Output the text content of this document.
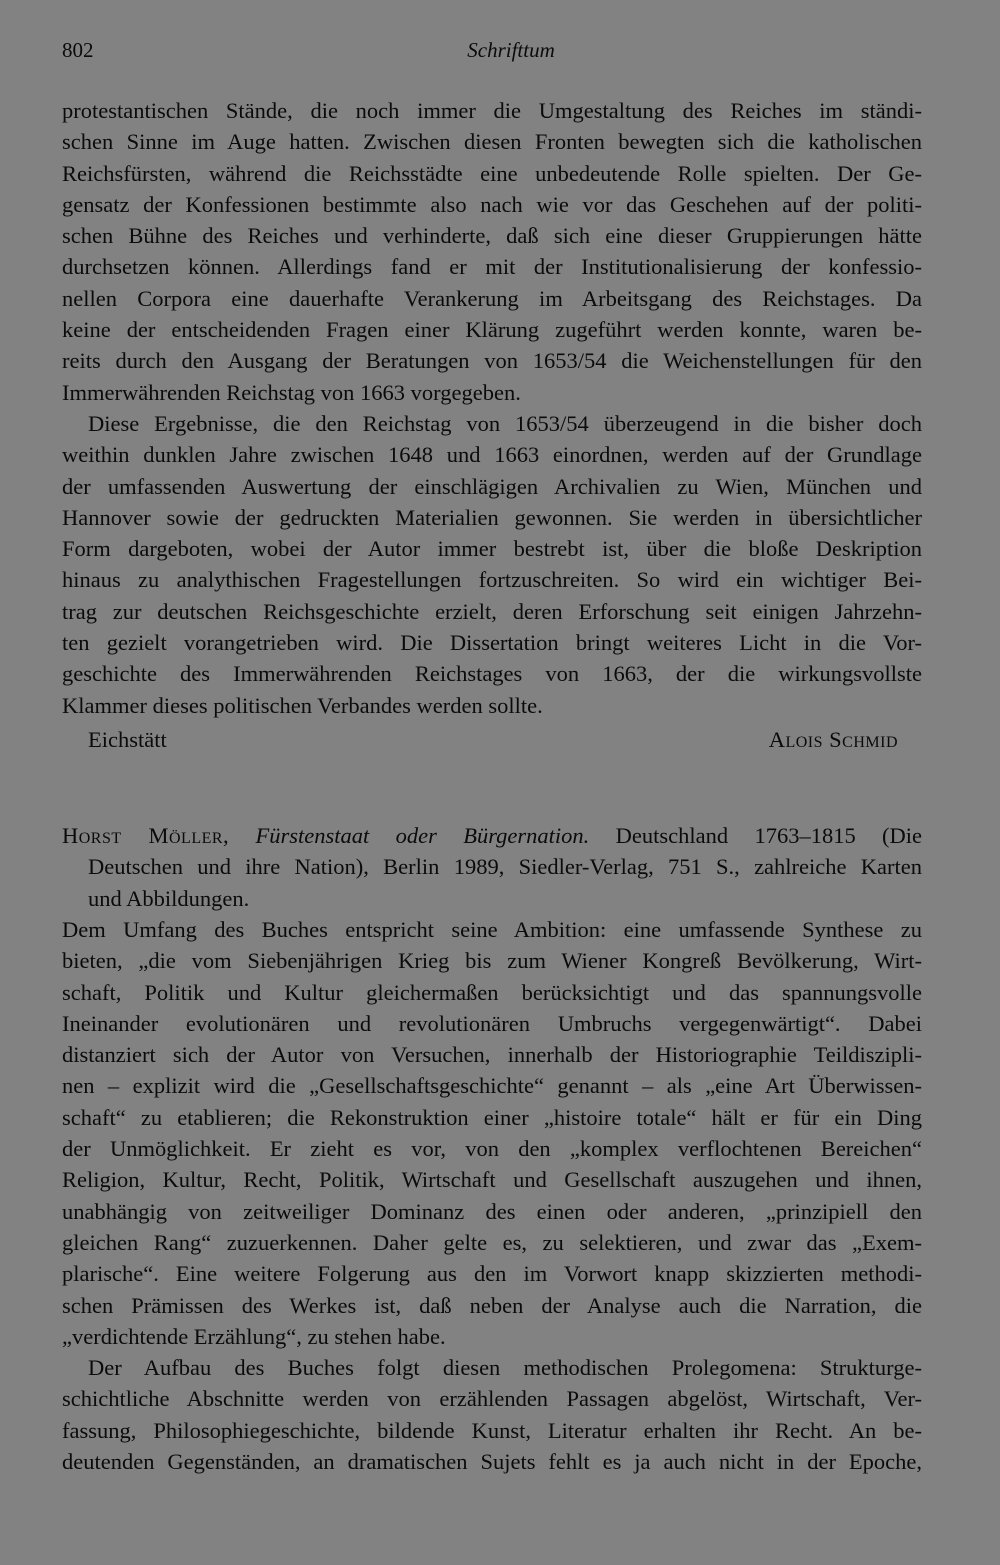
802	Schrifttum
protestantischen Stände, die noch immer die Umgestaltung des Reiches im ständi-
schen Sinne im Auge hatten. Zwischen diesen Fronten bewegten sich die katholischen
Reichsfürsten, während die Reichsstädte eine unbedeutende Rolle spielten. Der Ge-
gensatz der Konfessionen bestimmte also nach wie vor das Geschehen auf der politi-
schen Bühne des Reiches und verhinderte, daß sich eine dieser Gruppierungen hätte
durchsetzen können. Allerdings fand er mit der Institutionalisierung der konfessio-
nellen Corpora eine dauerhafte Verankerung im Arbeitsgang des Reichstages. Da
keine der entscheidenden Fragen einer Klärung zugeführt werden konnte, waren be-
reits durch den Ausgang der Beratungen von 1653/54 die Weichenstellungen für den
Immerwährenden Reichstag von 1663 vorgegeben.
Diese Ergebnisse, die den Reichstag von 1653/54 überzeugend in die bisher doch
weithin dunklen Jahre zwischen 1648 und 1663 einordnen, werden auf der Grundlage
der umfassenden Auswertung der einschlägigen Archivalien zu Wien, München und
Hannover sowie der gedruckten Materialien gewonnen. Sie werden in übersichtlicher
Form dargeboten, wobei der Autor immer bestrebt ist, über die bloße Deskription
hinaus zu analythischen Fragestellungen fortzuschreiten. So wird ein wichtiger Bei-
trag zur deutschen Reichsgeschichte erzielt, deren Erforschung seit einigen Jahrzehn-
ten gezielt vorangetrieben wird. Die Dissertation bringt weiteres Licht in die Vor-
geschichte des Immerwährenden Reichstages von 1663, der die wirkungsvollste
Klammer dieses politischen Verbandes werden sollte.
Eichstätt	Alois Schmid
Horst Möller, Fürstenstaat oder Bürgernation. Deutschland 1763–1815 (Die
Deutschen und ihre Nation), Berlin 1989, Siedler-Verlag, 751 S., zahlreiche Karten
und Abbildungen.
Dem Umfang des Buches entspricht seine Ambition: eine umfassende Synthese zu
bieten, „die vom Siebenjährigen Krieg bis zum Wiener Kongreß Bevölkerung, Wirt-
schaft, Politik und Kultur gleichermaßen berücksichtigt und das spannungsvolle
Ineinander evolutionären und revolutionären Umbruchs vergegenwärtigt“. Dabei
distanziert sich der Autor von Versuchen, innerhalb der Historiographie Teildiszipli-
nen – explizit wird die „Gesellschaftsgeschichte“ genannt – als „eine Art Überwissen-
schaft“ zu etablieren; die Rekonstruktion einer „histoire totale“ hält er für ein Ding
der Unmöglichkeit. Er zieht es vor, von den „komplex verflochtenen Bereichen“
Religion, Kultur, Recht, Politik, Wirtschaft und Gesellschaft auszugehen und ihnen,
unabhängig von zeitweiliger Dominanz des einen oder anderen, „prinzipiell den
gleichen Rang“ zuzuerkennen. Daher gelte es, zu selektieren, und zwar das „Exem-
plarische“. Eine weitere Folgerung aus den im Vorwort knapp skizzierten methodi-
schen Prämissen des Werkes ist, daß neben der Analyse auch die Narration, die
„verdichtende Erzählung“, zu stehen habe.
Der Aufbau des Buches folgt diesen methodischen Prolegomena: Strukturge-
schichtliche Abschnitte werden von erzählenden Passagen abgelöst, Wirtschaft, Ver-
fassung, Philosophiegeschichte, bildende Kunst, Literatur erhalten ihr Recht. An be-
deutenden Gegenständen, an dramatischen Sujets fehlt es ja auch nicht in der Epoche,
